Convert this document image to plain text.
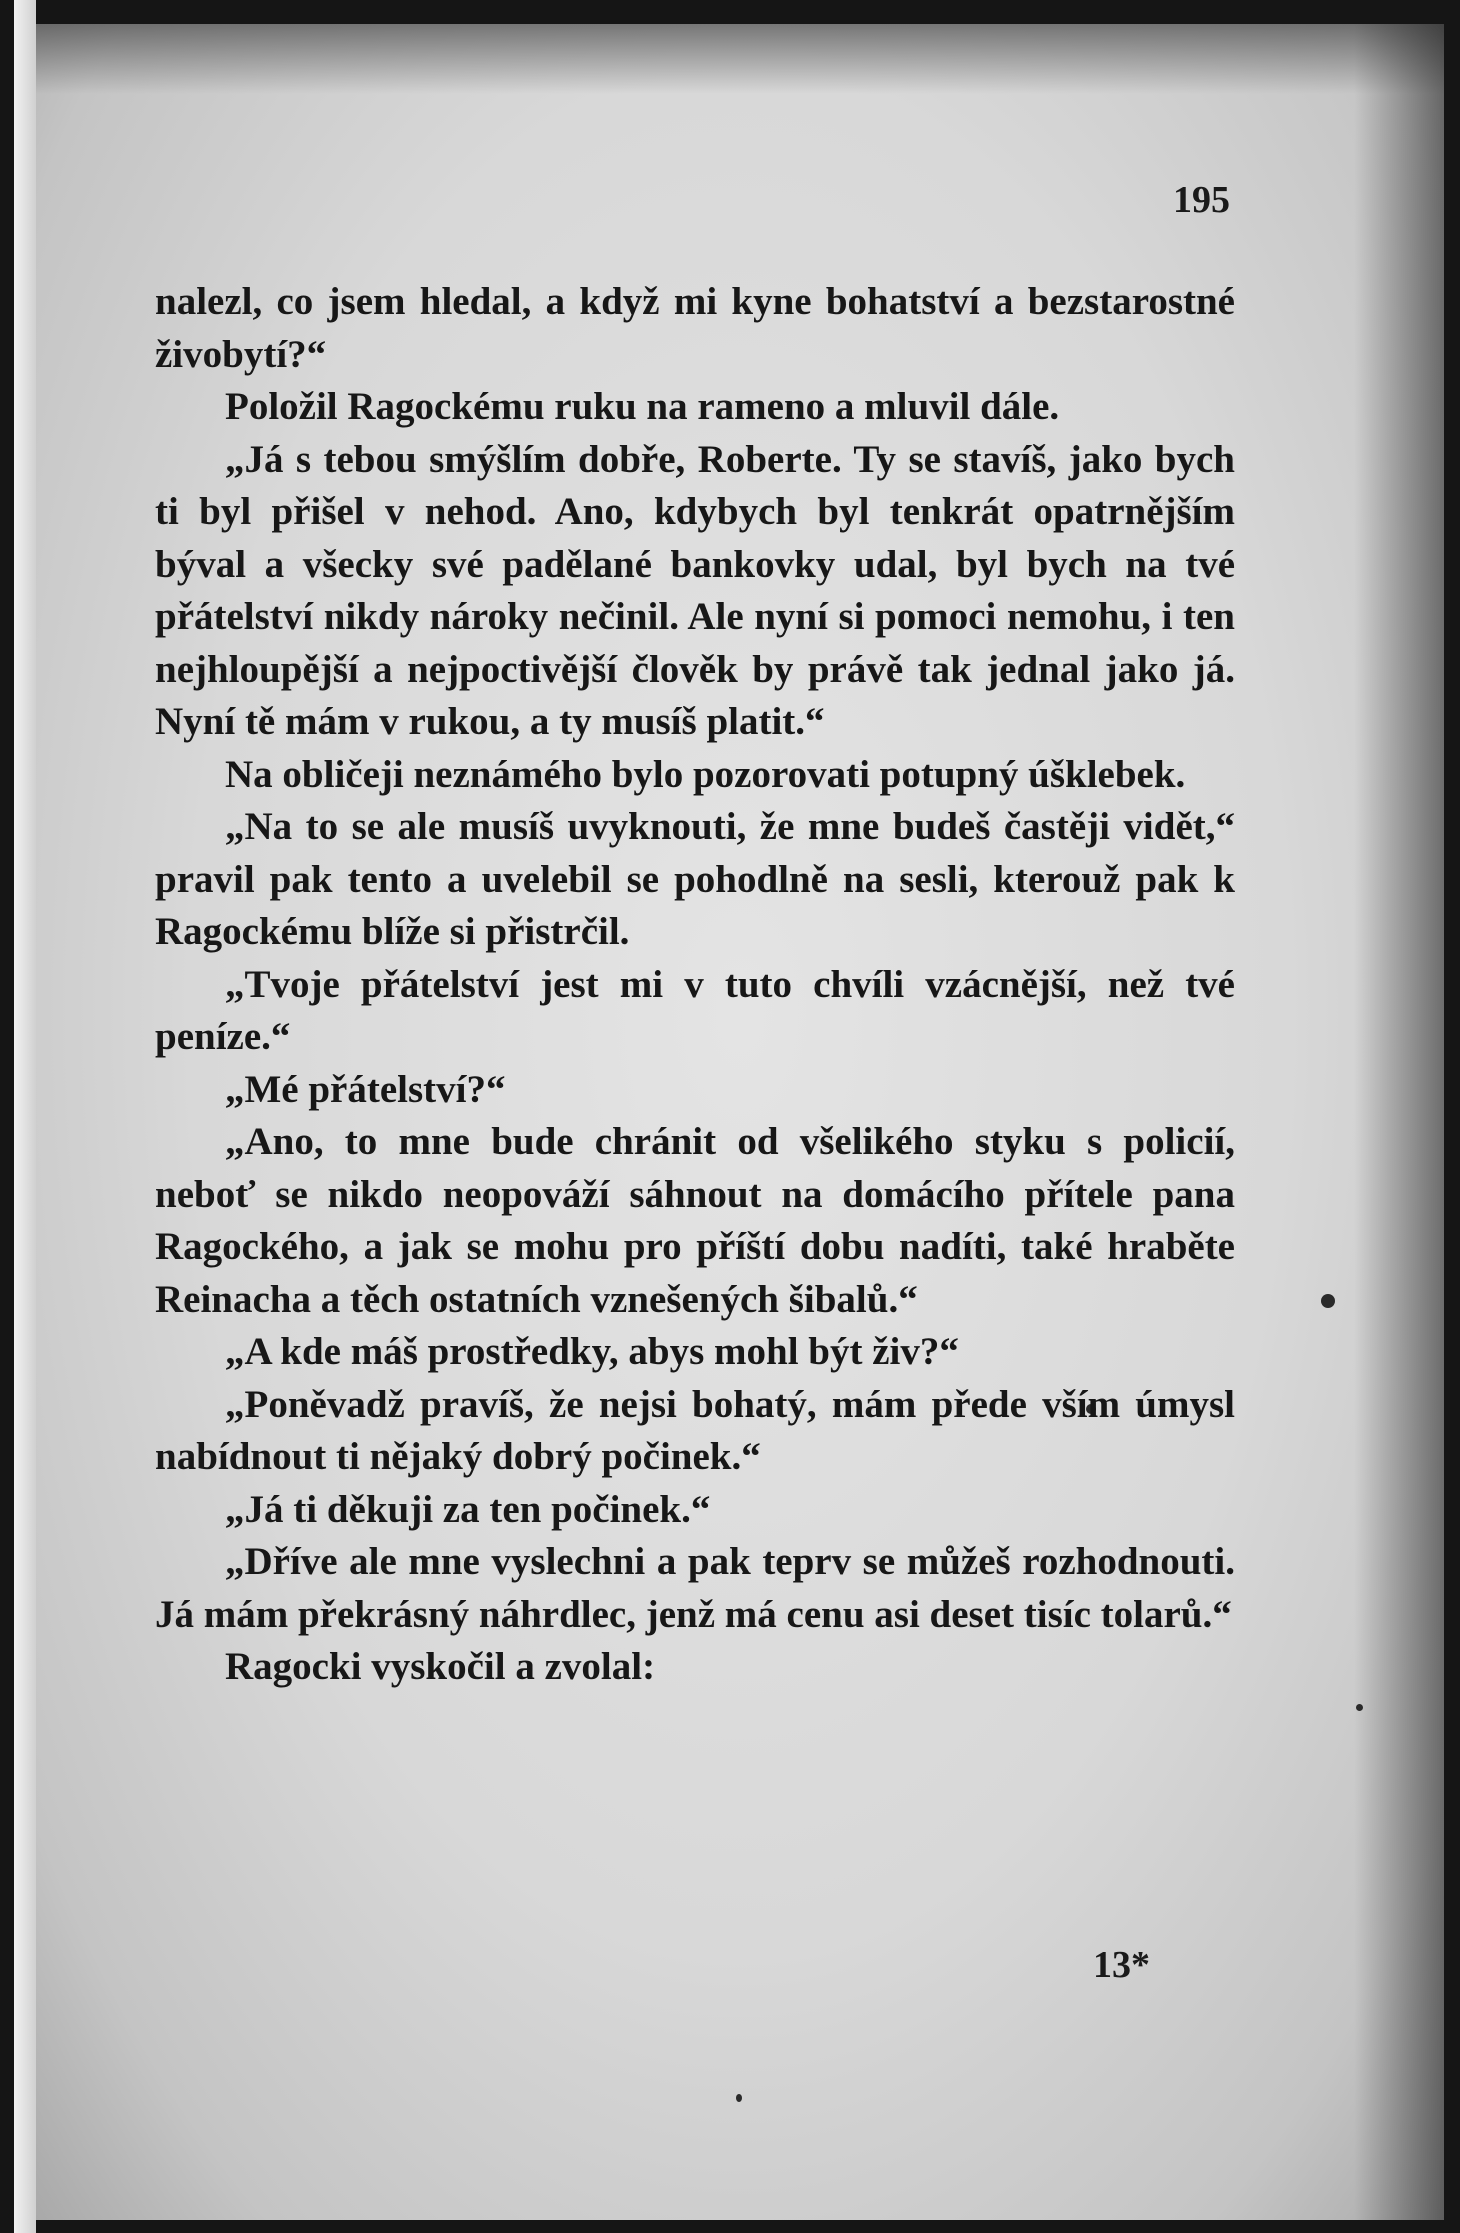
195

nalezl, co jsem hledal, a když mi kyne bohatství a bezstarostné živobytí?“

Položil Ragockému ruku na rameno a mluvil dále.

„Já s tebou smýšlím dobře, Roberte. Ty se stavíš, jako bych ti byl přišel v nehod. Ano, kdybych byl tenkrát opatrnějším býval a všecky své padělané bankovky udal, byl bych na tvé přátelství nikdy nároky nečinil. Ale nyní si pomoci nemohu, i ten nejhloupější a nejpoctivější člověk by právě tak jednal jako já. Nyní tě mám v rukou, a ty musíš platit.“

Na obličeji neznámého bylo pozorovati potupný úšklebek.

„Na to se ale musíš uvyknouti, že mne budeš častěji vidět,“ pravil pak tento a uvelebil se pohodlně na sesli, kterouž pak k Ragockému blíže si přistrčil.

„Tvoje přátelství jest mi v tuto chvíli vzácnější, než tvé peníze.“

„Mé přátelství?“

„Ano, to mne bude chránit od všelikého styku s policií, neboť se nikdo neopováží sáhnout na domácího přítele pana Ragockého, a jak se mohu pro příští dobu nadíti, také hraběte Reinacha a těch ostatních vznešených šibalů.“

„A kde máš prostředky, abys mohl být živ?“

„Poněvadž pravíš, že nejsi bohatý, mám přede vším úmysl nabídnout ti nějaký dobrý počinek.“

„Já ti děkuji za ten počinek.“

„Dříve ale mne vyslechni a pak teprv se můžeš rozhodnouti. Já mám překrásný náhrdlec, jenž má cenu asi deset tisíc tolarů.“

Ragocki vyskočil a zvolal:

13*
